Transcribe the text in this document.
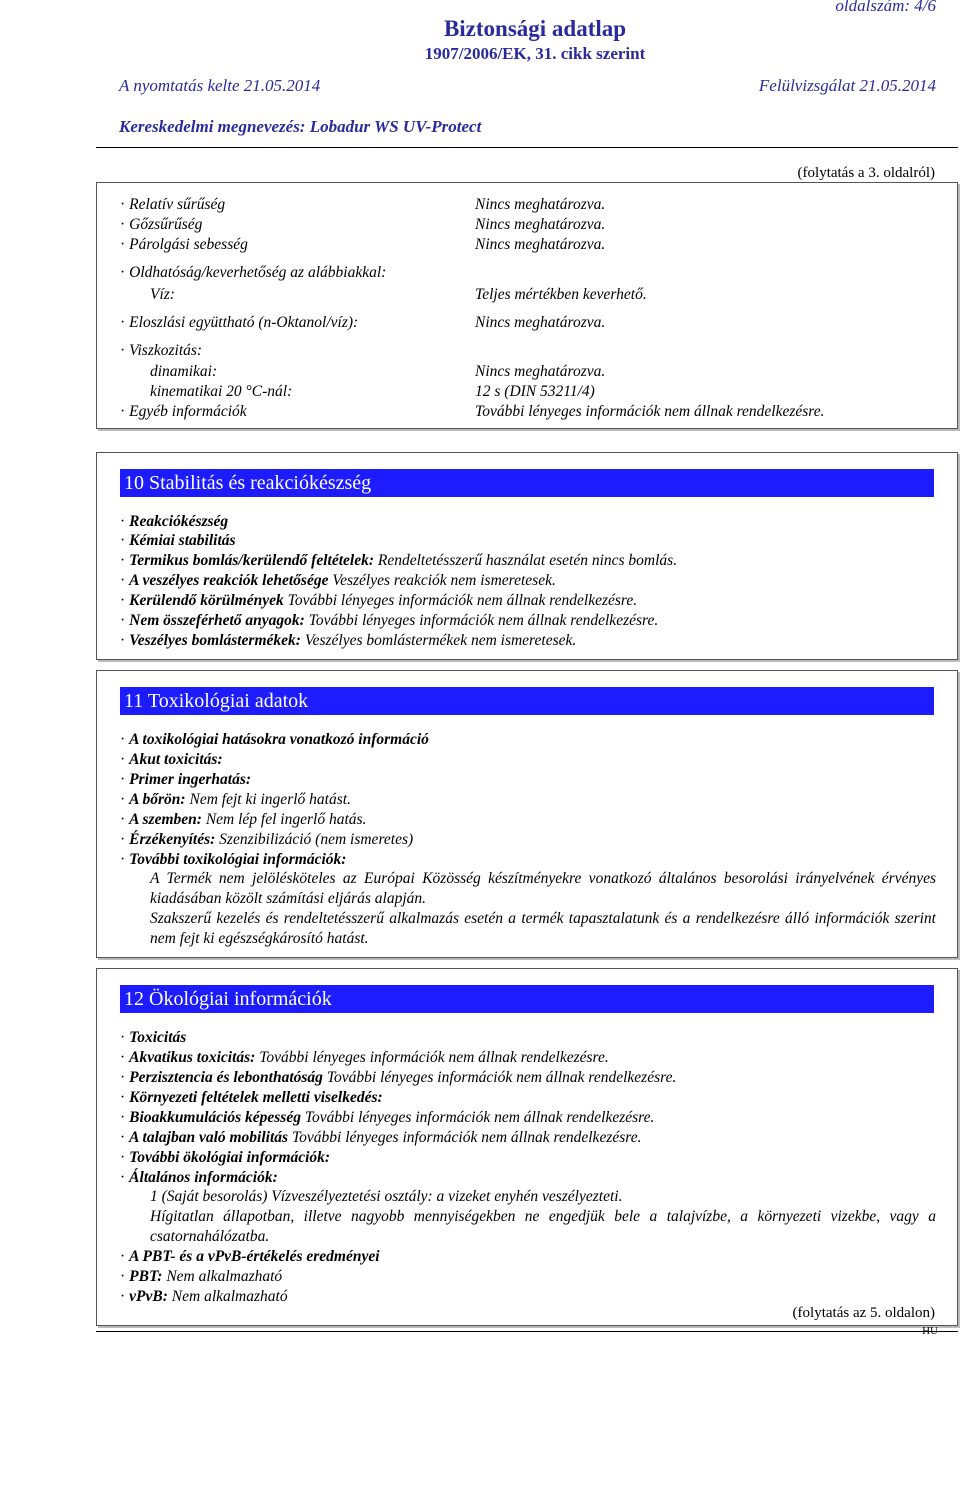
oldalszám: 4/6
Biztonsági adatlap
1907/2006/EK, 31. cikk szerint
A nyomtatás kelte 21.05.2014	Felülvizsgálat 21.05.2014
Kereskedelmi megnevezés: Lobadur WS UV-Protect
(folytatás a 3. oldalról)
· Relatív sűrűség	Nincs meghatározva.
· Gőzsűrűség	Nincs meghatározva.
· Párolgási sebesség	Nincs meghatározva.
· Oldhatóság/keverhetőség az alábbiakkal:
Víz:	Teljes mértékben keverhető.
· Eloszlási együttható (n-Oktanol/víz):	Nincs meghatározva.
· Viszkozitás:
dinamikai:	Nincs meghatározva.
kinematikai 20 °C-nál:	12 s (DIN 53211/4)
· Egyéb információk	További lényeges információk nem állnak rendelkezésre.
10 Stabilitás és reakciókészség
· Reakciókészség
· Kémiai stabilitás
· Termikus bomlás/kerülendő feltételek: Rendeltetésszerű használat esetén nincs bomlás.
· A veszélyes reakciók lehetősége Veszélyes reakciók nem ismeretesek.
· Kerülendő körülmények További lényeges információk nem állnak rendelkezésre.
· Nem összeférhető anyagok: További lényeges információk nem állnak rendelkezésre.
· Veszélyes bomlástermékek: Veszélyes bomlástermékek nem ismeretesek.
11 Toxikológiai adatok
· A toxikológiai hatásokra vonatkozó információ
· Akut toxicitás:
· Primer ingerhatás:
· A bőrön: Nem fejt ki ingerlő hatást.
· A szemben: Nem lép fel ingerlő hatás.
· Érzékenyítés: Szenzibilizáció (nem ismeretes)
· További toxikológiai információk:
A Termék nem jelölésköteles az Európai Közösség készítményekre vonatkozó általános besorolási irányelvének érvényes kiadásában közölt számítási eljárás alapján.
Szakszerű kezelés és rendeltetésszerű alkalmazás esetén a termék tapasztalatunk és a rendelkezésre álló információk szerint nem fejt ki egészségkárosító hatást.
12 Ökológiai információk
· Toxicitás
· Akvatikus toxicitás: További lényeges információk nem állnak rendelkezésre.
· Perzisztencia és lebonthatóság További lényeges információk nem állnak rendelkezésre.
· Környezeti feltételek melletti viselkedés:
· Bioakkumulációs képesség További lényeges információk nem állnak rendelkezésre.
· A talajban való mobilitás További lényeges információk nem állnak rendelkezésre.
· További ökológiai információk:
· Általános információk:
1 (Saját besorolás) Vízveszélyeztetési osztály: a vizeket enyhén veszélyezteti.
Hígitatlan állapotban, illetve nagyobb mennyiségekben ne engedjük bele a talajvízbe, a környezeti vizekbe, vagy a csatornahálózatba.
· A PBT- és a vPvB-értékelés eredményei
· PBT: Nem alkalmazható
· vPvB: Nem alkalmazható
(folytatás az 5. oldalon)
HU
